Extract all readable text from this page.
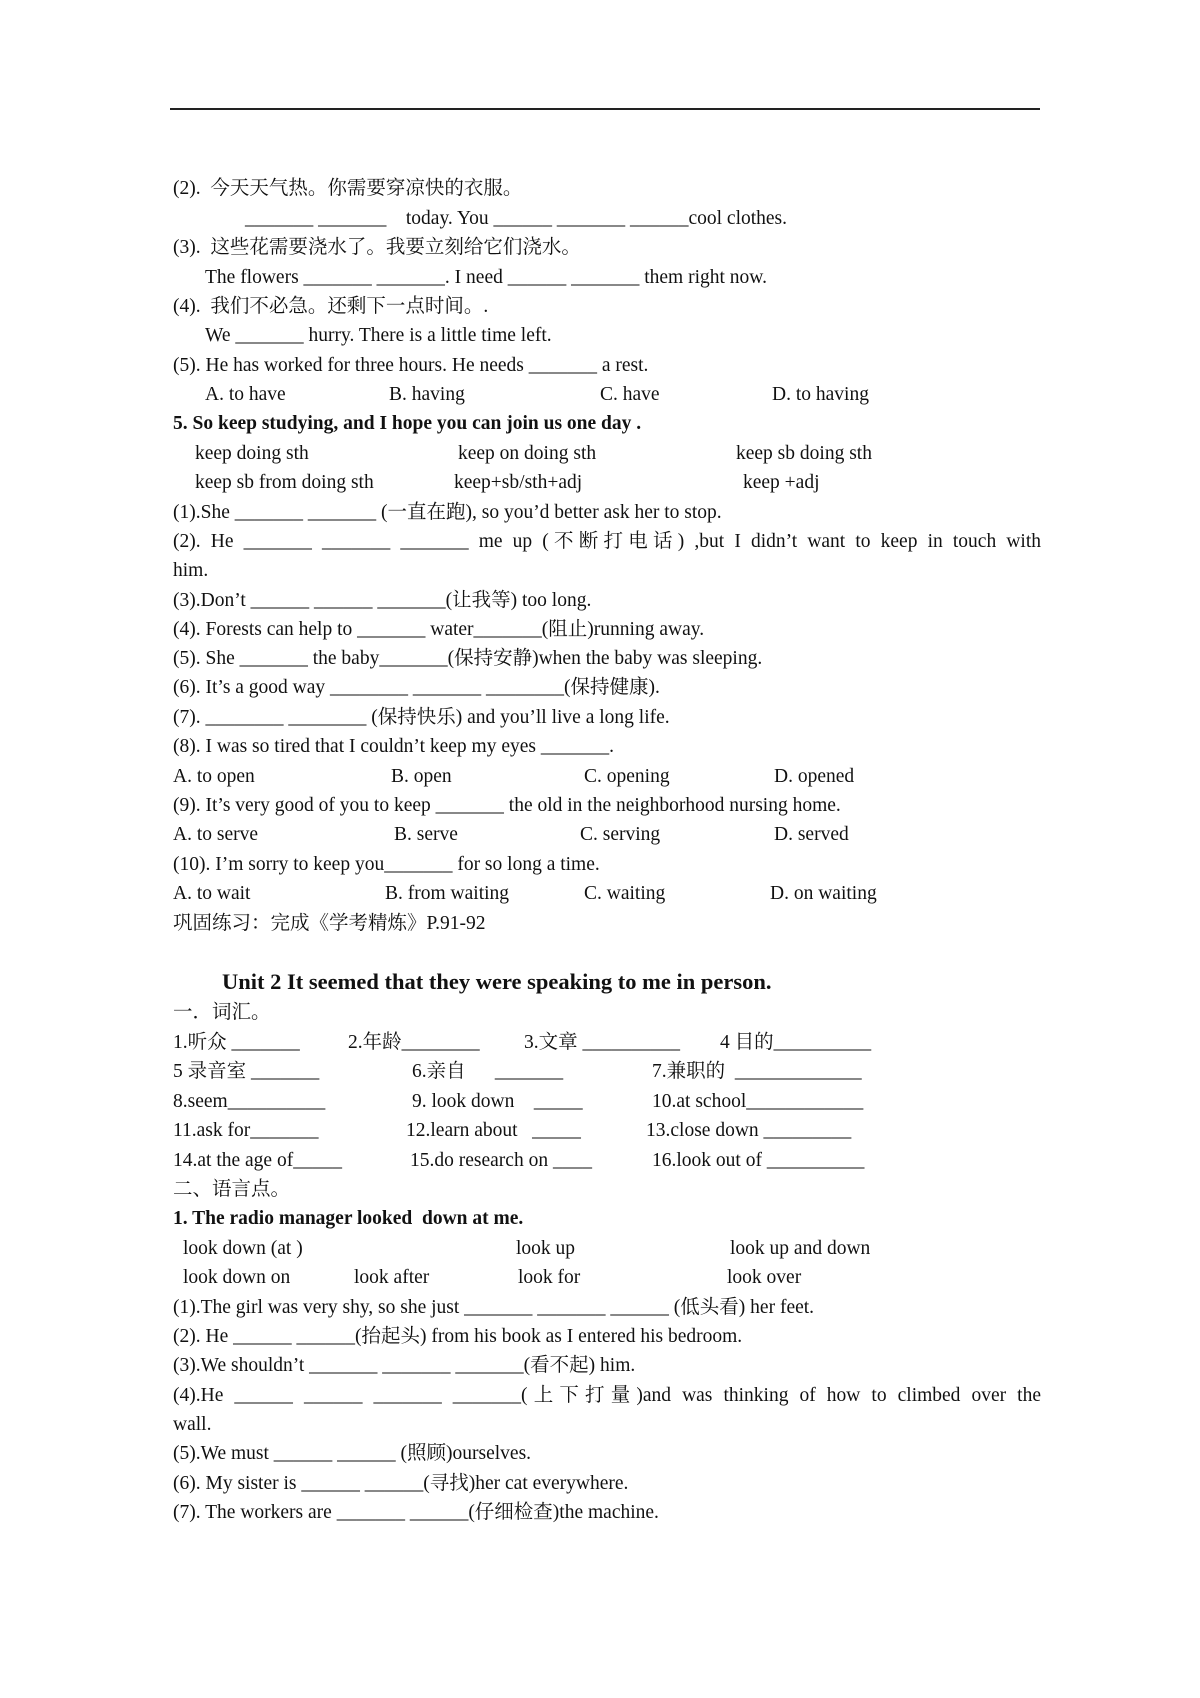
(2).  今天天气热。你需要穿凉快的衣服。
_______ _______    today. You ______ _______ ______cool clothes.
(3).  这些花需要浇水了。我要立刻给它们浇水。
The flowers _______ _______. I need ______ _______ them right now.
(4).  我们不必急。还剩下一点时间。.
We _______ hurry. There is a little time left.
(5). He has worked for three hours. He needs _______ a rest.
A. to have	B. having	C. have	D. to having
5. So keep studying, and I hope you can join us one day .
keep doing sth	keep on doing sth	keep sb doing sth
keep sb from doing sth	keep+sb/sth+adj	keep +adj
(1).She _______ _______ (一直在跑), so you’d better ask her to stop.
(2). He _______ _______ _______ me up (不断打电话) ,but I didn’t want to keep in touch with
him.
(3).Don’t ______ ______ _______(让我等) too long.
(4). Forests can help to _______ water_______(阻止)running away.
(5). She _______ the baby_______(保持安静)when the baby was sleeping.
(6). It’s a good way ________ _______ ________(保持健康).
(7). ________ ________ (保持快乐) and you’ll live a long life.
(8). I was so tired that I couldn’t keep my eyes _______.
A. to open	B. open	C. opening	D. opened
(9). It’s very good of you to keep _______ the old in the neighborhood nursing home.
A. to serve	B. serve	C. serving	D. served
(10). I’m sorry to keep you_______ for so long a time.
A. to wait	B. from waiting	C. waiting	D. on waiting
巩固练习：完成《学考精炼》P.91-92
Unit 2 It seemed that they were speaking to me in person.
一．词汇。
1.听众 _______ 2.年龄________ 3.文章 __________ 4 目的__________
5 录音室 _______	6.亲自      _______	7.兼职的  _____________
8.seem__________	9. look down    _____	10.at school____________
11.ask for_______	12.learn about   _____	13.close down _________
14.at the age of_____	15.do research on ____	16.look out of __________
二、语言点。
1. The radio manager looked  down at me.
look down (at )	look up	look up and down
look down on	look after	look for	look over
(1).The girl was very shy, so she just _______ _______ ______ (低头看) her feet.
(2). He ______ ______(抬起头) from his book as I entered his bedroom.
(3).We shouldn’t _______ _______ _______(看不起) him.
(4).He ______ ______ _______ _______(上下打量)and was thinking of how to climbed over the
wall.
(5).We must ______ ______ (照顾)ourselves.
(6). My sister is ______ ______(寻找)her cat everywhere.
(7). The workers are _______ ______(仔细检查)the machine.
